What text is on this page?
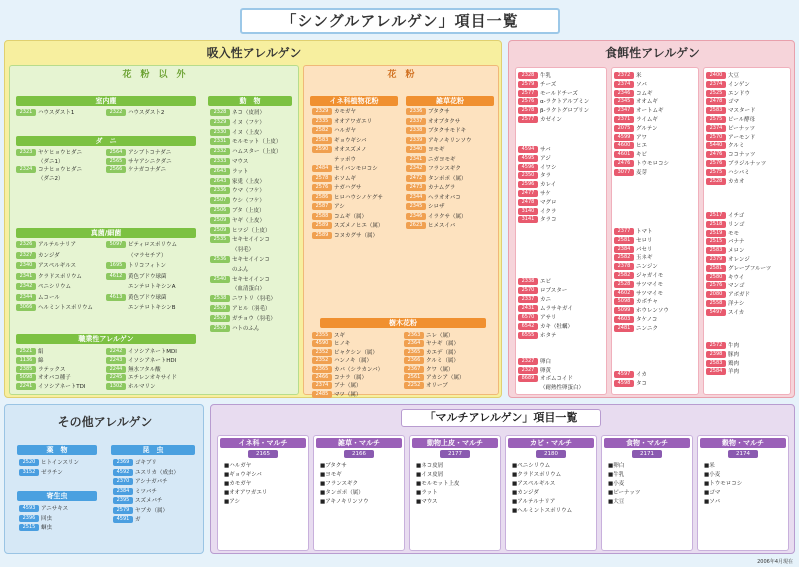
「シングルアレルゲン」項目一覧
吸入性アレルゲン
花　粉　以　外
室内塵
2321 ハウスダスト1	2322 ハウスダスト2
ダ　ニ
2323 ヤケヒョウヒダニ
（ダニ1）
2324 コナヒョウヒダニ
（ダニ2）
2564 アシブトコナダニ
2565 サヤアシニクダニ
2566 ケナガコナダニ
真菌/細菌
2326 アルテルナリア
2327 カンジダ
2340 アスペルギルス
2341 クラドスポリウム
2342 ペニシリウム
2344 ムコール
3066 ヘルミントスポリウム
5097 ピティロスポリウム
（マラセチア）
1695 トリコフィトン
4612 黄色ブドウ球菌
エンテロトキシンA
4613 黄色ブドウ球菌
エンテロトキシンB
職業性アレルゲン
2521 絹
1136 綿
2385 ラテックス
5098 オオバコ種子
2241 イソシアネートTDI
2242 イソシアネートMDI
2243 イソシアネートHDI
2244 無水フタル酸
2245 エチレンオキサイド
1302 ホルマリン
動　物
2328 ネコ（皮屑）
2329 イヌ（フケ）
2330 イヌ（上皮）
2331 モルモット（上皮）
2332 ハムスター（上皮）
2333 マウス
2643 ラット
2643 家兎（上皮）
2336 ウマ（フケ）
2507 ウシ（フケ）
2506 ブタ（上皮）
2509 ヤギ（上皮）
2509 ヒツジ（上皮）
2535 セキセイインコ
（羽毛）
2536 セキセイインコ
のふん
2540 セキセイインコ
（血清蛋白）
2538 ニワトリ（羽毛）
2539 アヒル（羽毛）
2539 ガチョウ（羽毛）
2539 ハトのふん
花　粉
イネ科植物花粉
2329 カモガヤ
2335 オオアワガエリ
2582 ハルガヤ
2583 ギョウギシバ
2590 オオスズメノ
テッポウ
2484 セイバンモロコシ
2578 ホソムギ
2576 ナガハグサ
2586 ヒロハウシノケグサ
2587 アシ
2588 コムギ（属）
2589 スズメノヒエ（属）
2589 コヌカグサ（属）
雑草花粉
2336 ブタクサ
2337 オオブタクサ
2338 ブタクサモドキ
2339 アキノキリンソウ
2340 ヨモギ
2341 ニガヨモギ
2342 フランスギク
2472 タンポポ（属）
2473 カナムグラ
2344 ヘラオオバコ
2345 シロザ
2346 イラクサ（属）
2623 ヒメスイバ
樹木花粉
2355 スギ
4590 ヒノキ
2352 ビャクシン（属）
2352 ハンノキ（属）
2365 カバ（シラカンバ）
2466 コナラ（属）
2374 ブナ（属）
2485 マツ（属）
2363 ニレ（属）
2364 ヤナギ（属）
2365 カエデ（属）
2366 クルミ（属）
2367 クワ（属）
2561 アカシア（属）
2252 オリーブ
食餌性アレルゲン
2328 牛乳
2579 チーズ
2577 モールドチーズ
2576 α-ラクトアルブミン
2578 β-ラクトグロブリン
2577 カゼイン
4594 サバ
4595 アジ
4596 イワシ
2350 タラ
2596 カレイ
2477 サケ
2478 マグロ
3140 イクラ
3141 タラコ
2338 エビ
2570 ロブスター
2337 カニ
2431 ムラサキガイ
6570 アサリ
6542 カキ（牡蠣）
6555 ホタテ
2327 卵白
2327 卵黄
8689 オボムコイド
（耐熱性卵蛋白）
2372 米
2374 ソバ
2346 コムギ
2345 オオムギ
2347 オートムギ
2371 ライムギ
2075 グルテン
4599 アワ
4600 ヒエ
4601 キビ
2476 トウモロコシ
3077 麦芽
2377 トマト
2581 セロリ
2384 パセリ
2582 玉ネギ
2378 ニンジン
2582 ジャガイモ
2528 サツマイモ
4602 サツマイモ
5098 カボチャ
5099 ホウレンソウ
4603 タケノコ
2481 ニンニク
4597 イカ
4598 タコ
2400 大豆
2374 インゲン
2525 エンドウ
2478 ゴマ
2583 マスタード
2575 ビール酵母
2374 ピーナッツ
2570 アーモンド
5440 クルミ
2476 ココナッツ
2576 ブラジルナッツ
2575 ハシバミ
2528 カカオ
2517 イチゴ
2518 リンゴ
2519 モモ
2515 バナナ
2583 メロン
2379 オレンジ
2581 グレープフルーツ
2580 キウイ
2576 マンゴ
2080 アボガド
2558 洋ナシ
5497 スイカ
2572 牛肉
2398 豚肉
2583 鶏肉
2584 羊肉
その他アレルゲン
薬　物
2520 ヒトインスリン
3152 ゼラチン
寄生虫
4593 アニサキス
2396 回虫
2515 蛔虫
昆　虫
2369 ゴキブリ
4592 ユスリカ（成虫）
2370 アシナガバチ
2384 ミツバチ
2395 スズメバチ
2579 ヤブカ（属）
4591 ガ
「マルチアレルゲン」項目一覧
イネ科・マルチ
2165
■ハルガヤ
■ギョウギシバ
■カモガヤ
■オオアワガエリ
■アシ
雑草・マルチ
2166
■ブタクサ
■ヨモギ
■フランスギク
■タンポポ（属）
■アキノキリンソウ
動物上皮・マルチ
2177
■ネコ皮屑
■イヌ皮屑
■モルモット上皮
■ラット
■マウス
カビ・マルチ
2180
■ペニシリウム
■クラドスポリウム
■アスペルギルス
■カンジダ
■アルテルナリア
■ヘルミントスポリウム
食物・マルチ
2171
■卵白
■牛乳
■小麦
■ピーナッツ
■大豆
穀物・マルチ
2174
■米
■小麦
■トウモロコシ
■ゴマ
■ソバ
2006年4月現在
